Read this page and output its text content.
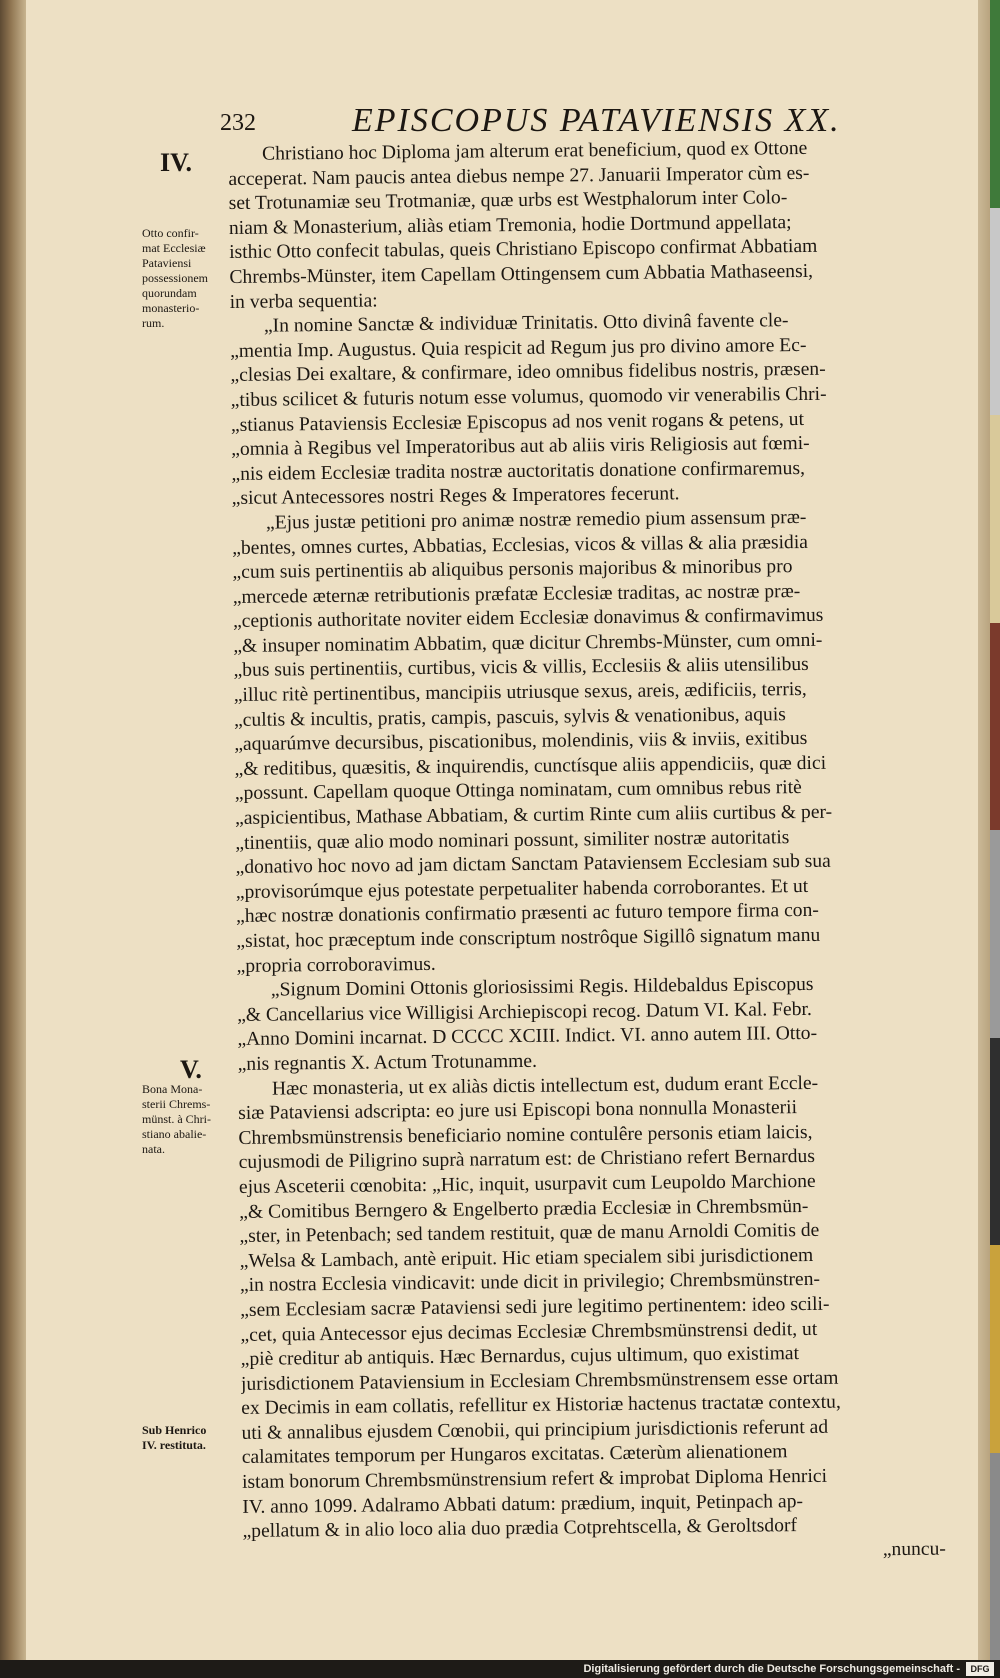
232	EPISCOPUS PATAVIENSIS XX.
IV.
V.
Otto confir-
mat Ecclesiæ
Pataviensi
possessionem
quorundam
monasterio-
rum.
Bona Mona-
sterii Chrems-
münst. à Chri-
stiano abalie-
nata.
Sub Henrico
IV. restituta.
Christiano hoc Diploma jam alterum erat beneficium, quod ex Ottone
acceperat. Nam paucis antea diebus nempe 27. Januarii Imperator cùm es-
set Trotunamiæ seu Trotmaniæ, quæ urbs est Westphalorum inter Colo-
niam & Monasterium, aliàs etiam Tremonia, hodie Dortmund appellata;
isthic Otto confecit tabulas, queis Christiano Episcopo confirmat Abbatiam
Chrembs-Münster, item Capellam Ottingensem cum Abbatia Mathaseensi,
in verba sequentia:
„In nomine Sanctæ & individuæ Trinitatis. Otto divinâ favente cle-
„mentia Imp. Augustus. Quia respicit ad Regum jus pro divino amore Ec-
„clesias Dei exaltare, & confirmare, ideo omnibus fidelibus nostris, præsen-
„tibus scilicet & futuris notum esse volumus, quomodo vir venerabilis Chri-
„stianus Pataviensis Ecclesiæ Episcopus ad nos venit rogans & petens, ut
„omnia à Regibus vel Imperatoribus aut ab aliis viris Religiosis aut fœmi-
„nis eidem Ecclesiæ tradita nostræ auctoritatis donatione confirmaremus,
„sicut Antecessores nostri Reges & Imperatores fecerunt.
„Ejus justæ petitioni pro animæ nostræ remedio pium assensum præ-
„bentes, omnes curtes, Abbatias, Ecclesias, vicos & villas & alia præsidia
„cum suis pertinentiis ab aliquibus personis majoribus & minoribus pro
„mercede æternæ retributionis præfatæ Ecclesiæ traditas, ac nostræ præ-
„ceptionis authoritate noviter eidem Ecclesiæ donavimus & confirmavimus
„& insuper nominatim Abbatim, quæ dicitur Chrembs-Münster, cum omni-
„bus suis pertinentiis, curtibus, vicis & villis, Ecclesiis & aliis utensilibus
„illuc ritè pertinentibus, mancipiis utriusque sexus, areis, ædificiis, terris,
„cultis & incultis, pratis, campis, pascuis, sylvis & venationibus, aquis
„aquarúmve decursibus, piscationibus, molendinis, viis & inviis, exitibus
„& reditibus, quæsitis, & inquirendis, cunctísque aliis appendiciis, quæ dici
„possunt. Capellam quoque Ottinga nominatam, cum omnibus rebus ritè
„aspicientibus, Mathase Abbatiam, & curtim Rinte cum aliis curtibus & per-
„tinentiis, quæ alio modo nominari possunt, similiter nostræ autoritatis
„donativo hoc novo ad jam dictam Sanctam Pataviensem Ecclesiam sub sua
„provisorúmque ejus potestate perpetualiter habenda corroborantes. Et ut
„hæc nostræ donationis confirmatio præsenti ac futuro tempore firma con-
„sistat, hoc præceptum inde conscriptum nostrôque Sigillô signatum manu
„propria corroboravimus.
„Signum Domini Ottonis gloriosissimi Regis. Hildebaldus Episcopus
„& Cancellarius vice Willigisi Archiepiscopi recog. Datum VI. Kal. Febr.
„Anno Domini incarnat. D CCCC XCIII. Indict. VI. anno autem III. Otto-
„nis regnantis X. Actum Trotunamme.
Hæc monasteria, ut ex aliàs dictis intellectum est, dudum erant Eccle-
siæ Pataviensi adscripta: eo jure usi Episcopi bona nonnulla Monasterii
Chrembsmünstrensis beneficiario nomine contulêre personis etiam laicis,
cujusmodi de Piligrino suprà narratum est: de Christiano refert Bernardus
ejus Asceterii cœnobita: „Hic, inquit, usurpavit cum Leupoldo Marchione
„& Comitibus Berngero & Engelberto prædia Ecclesiæ in Chrembsmün-
„ster, in Petenbach; sed tandem restituit, quæ de manu Arnoldi Comitis de
„Welsa & Lambach, antè eripuit. Hic etiam specialem sibi jurisdictionem
„in nostra Ecclesia vindicavit: unde dicit in privilegio; Chrembsmünstren-
„sem Ecclesiam sacræ Pataviensi sedi jure legitimo pertinentem: ideo scili-
„cet, quia Antecessor ejus decimas Ecclesiæ Chrembsmünstrensi dedit, ut
„piè creditur ab antiquis. Hæc Bernardus, cujus ultimum, quo existimat
jurisdictionem Pataviensium in Ecclesiam Chrembsmünstrensem esse ortam
ex Decimis in eam collatis, refellitur ex Historiæ hactenus tractatæ contextu,
uti & annalibus ejusdem Cœnobii, qui principium jurisdictionis referunt ad
calamitates temporum per Hungaros excitatas. Cæterùm alienationem
istam bonorum Chrembsmünstrensium refert & improbat Diploma Henrici
IV. anno 1099. Adalramo Abbati datum: prædium, inquit, Petinpach ap-
„pellatum & in alio loco alia duo prædia Cotprehtscella, & Geroltsdorf
„nuncu-
Digitalisierung gefördert durch die Deutsche Forschungsgemeinschaft -	DFG
